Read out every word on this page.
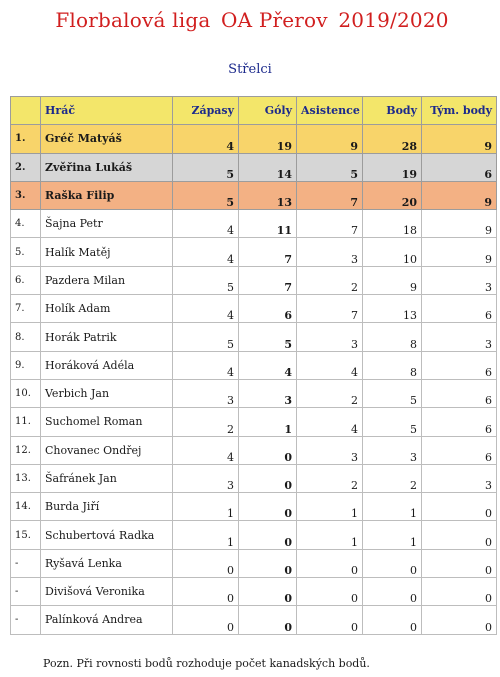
Florbalová liga OA Přerov 2019/2020
Střelci
	Hráč	Zápasy	Góly	Asistence	Body	Tým. body
1.	Gréč Matyáš	4	19	9	28	9
2.	Zvěřina Lukáš	5	14	5	19	6
3.	Raška Filip	5	13	7	20	9
4.	Šajna Petr	4	11	7	18	9
5.	Halík Matěj	4	7	3	10	9
6.	Pazdera Milan	5	7	2	9	3
7.	Holík Adam	4	6	7	13	6
8.	Horák Patrik	5	5	3	8	3
9.	Horáková Adéla	4	4	4	8	6
10.	Verbich Jan	3	3	2	5	6
11.	Suchomel Roman	2	1	4	5	6
12.	Chovanec Ondřej	4	0	3	3	6
13.	Šafránek Jan	3	0	2	2	3
14.	Burda Jiří	1	0	1	1	0
15.	Schubertová Radka	1	0	1	1	0
-	Ryšavá Lenka	0	0	0	0	0
-	Divišová Veronika	0	0	0	0	0
-	Palínková Andrea	0	0	0	0	0
Pozn. Při rovnosti bodů rozhoduje počet kanadských bodů.
